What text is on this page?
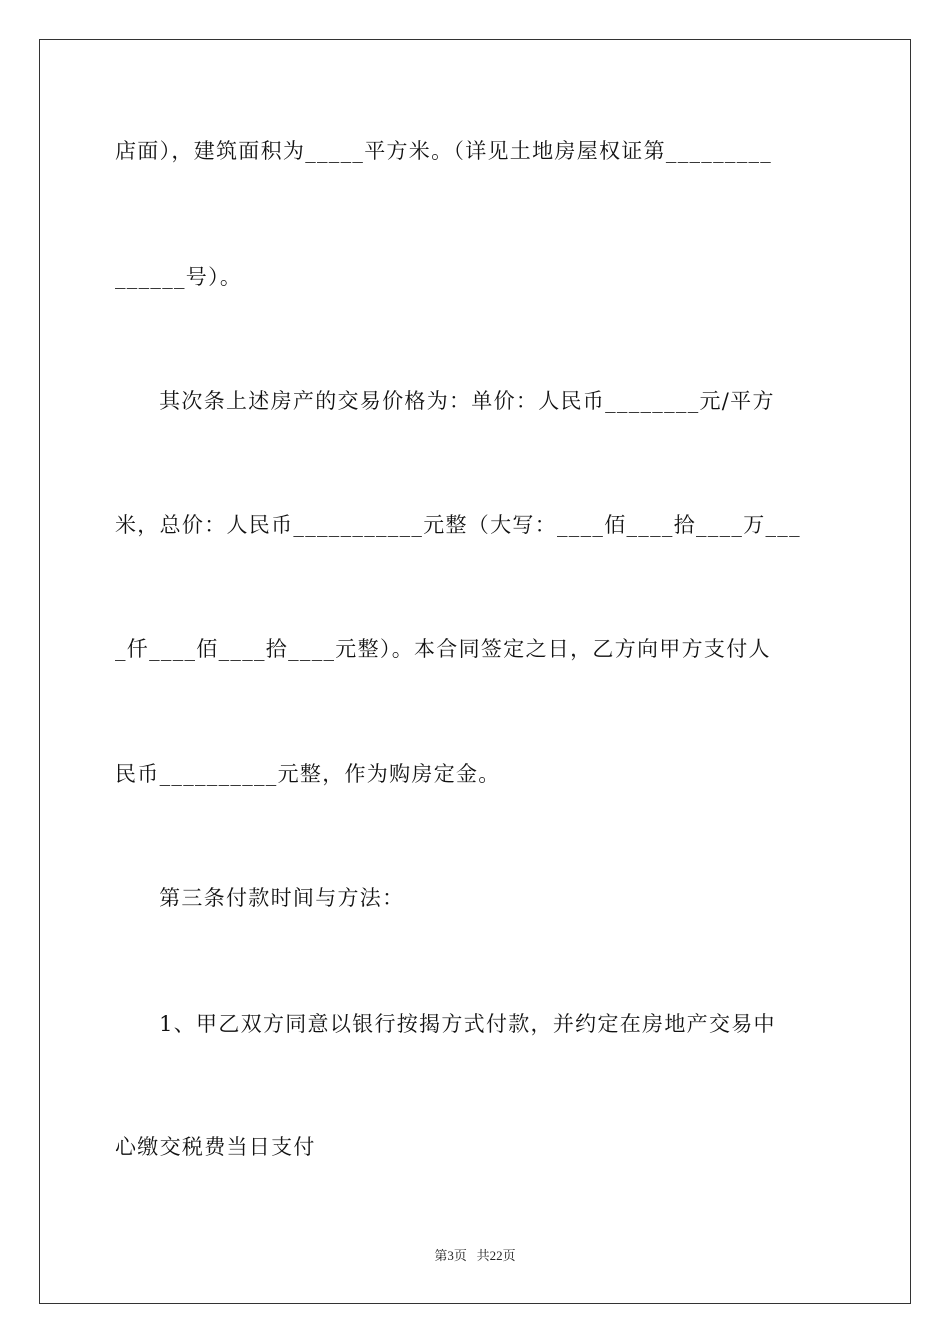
店面），建筑面积为_____平方米。（详见土地房屋权证第_________
______号）。
其次条上述房产的交易价格为：单价：人民币________元/平方
米，总价：人民币___________元整（大写：____佰____拾____万___
_仟____佰____拾____元整）。本合同签定之日，乙方向甲方支付人
民币__________元整，作为购房定金。
第三条付款时间与方法：
1、甲乙双方同意以银行按揭方式付款，并约定在房地产交易中
心缴交税费当日支付
第3页   共22页
